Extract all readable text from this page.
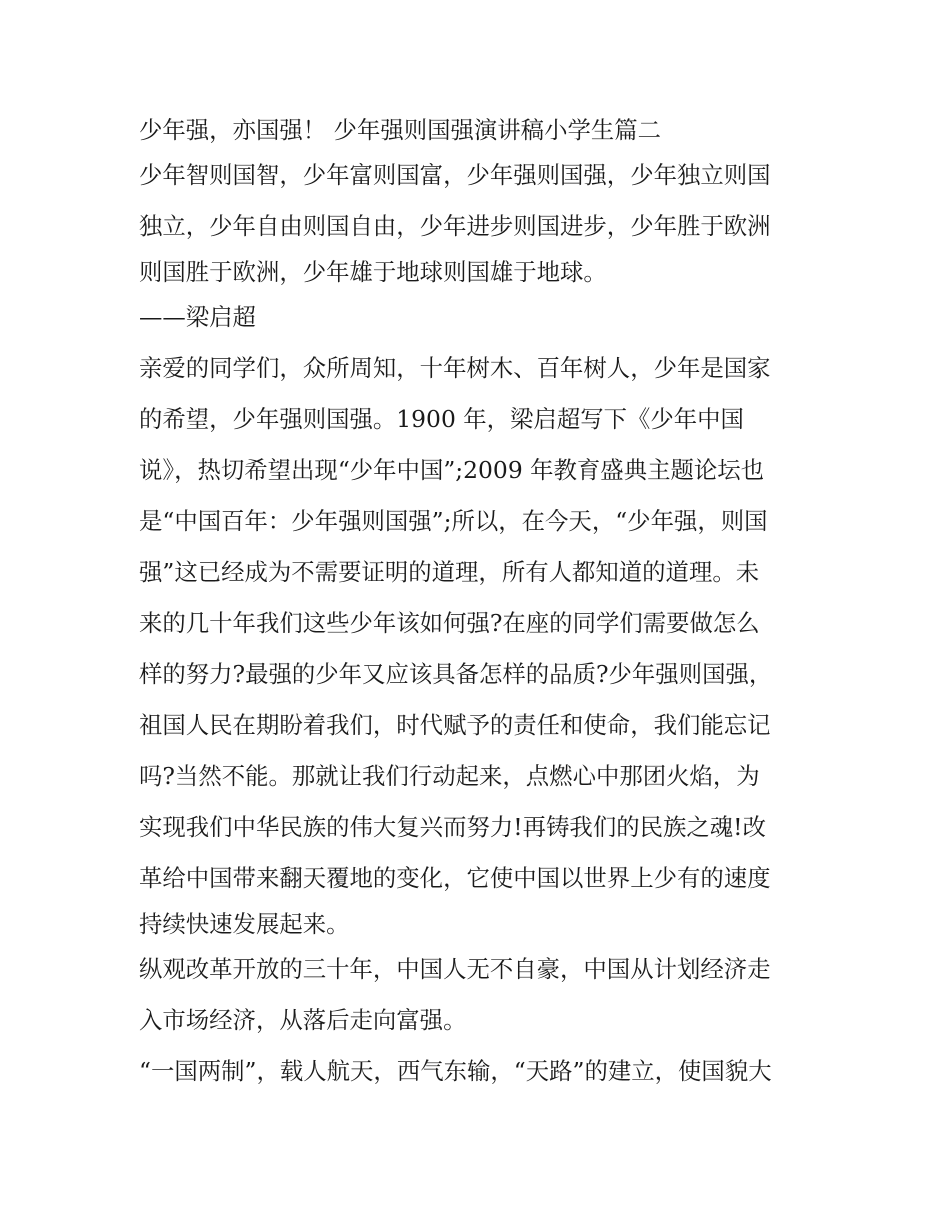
少年强，亦国强！ 少年强则国强演讲稿小学生篇二
少年智则国智，少年富则国富，少年强则国强，少年独立则国
独立，少年自由则国自由，少年进步则国进步，少年胜于欧洲
则国胜于欧洲，少年雄于地球则国雄于地球。
——梁启超
亲爱的同学们，众所周知，十年树木、百年树人，少年是国家
的希望，少年强则国强。1900 年，梁启超写下《少年中国
说》，热切希望出现“少年中国”;2009 年教育盛典主题论坛也
是“中国百年：少年强则国强”;所以，在今天，“少年强，则国
强”这已经成为不需要证明的道理，所有人都知道的道理。未
来的几十年我们这些少年该如何强?在座的同学们需要做怎么
样的努力?最强的少年又应该具备怎样的品质?少年强则国强，
祖国人民在期盼着我们，时代赋予的责任和使命，我们能忘记
吗?当然不能。那就让我们行动起来，点燃心中那团火焰，为
实现我们中华民族的伟大复兴而努力!再铸我们的民族之魂!改
革给中国带来翻天覆地的变化，它使中国以世界上少有的速度
持续快速发展起来。
纵观改革开放的三十年，中国人无不自豪，中国从计划经济走
入市场经济，从落后走向富强。
“一国两制”，载人航天，西气东输，“天路”的建立，使国貌大
